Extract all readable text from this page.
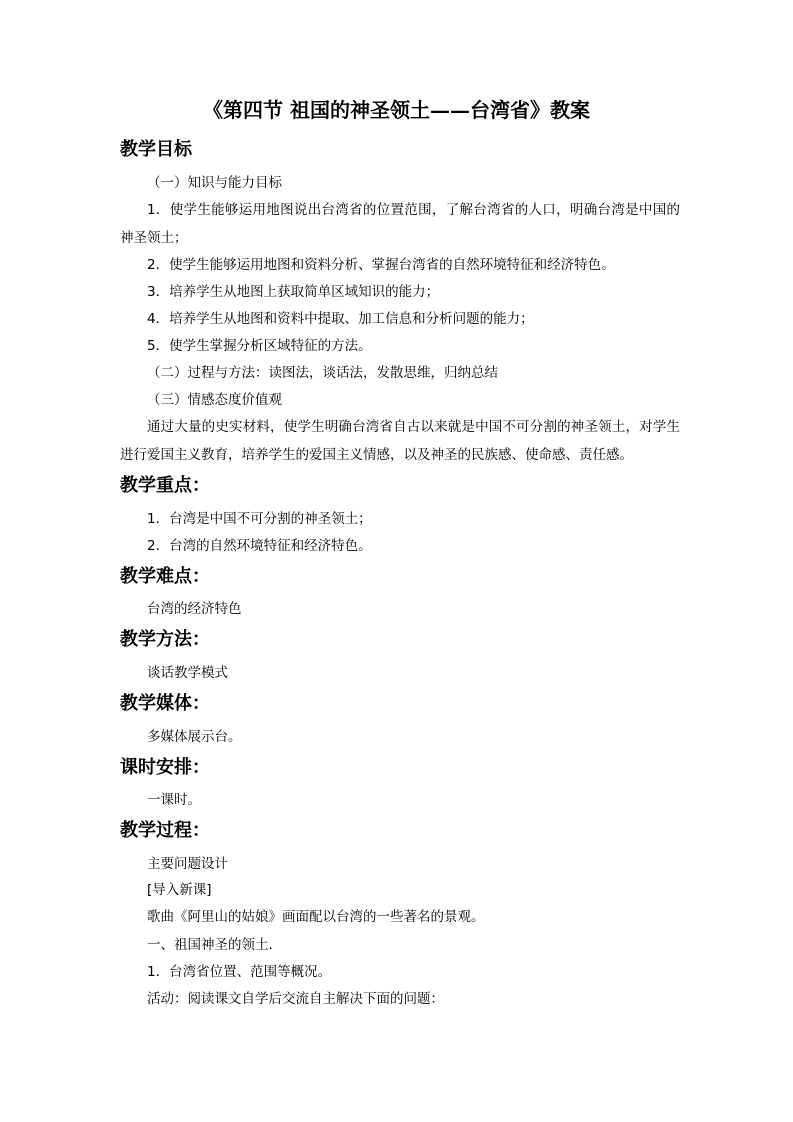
《第四节 祖国的神圣领土——台湾省》教案
教学目标
（一）知识与能力目标
1．使学生能够运用地图说出台湾省的位置范围，了解台湾省的人口，明确台湾是中国的神圣领土；
2．使学生能够运用地图和资料分析、掌握台湾省的自然环境特征和经济特色。
3．培养学生从地图上获取简单区域知识的能力；
4．培养学生从地图和资料中提取、加工信息和分析问题的能力；
5．使学生掌握分析区域特征的方法。
（二）过程与方法：读图法，谈话法，发散思维，归纳总结
（三）情感态度价值观
通过大量的史实材料，使学生明确台湾省自古以来就是中国不可分割的神圣领土，对学生进行爱国主义教育，培养学生的爱国主义情感，以及神圣的民族感、使命感、责任感。
教学重点：
1．台湾是中国不可分割的神圣领土；
2．台湾的自然环境特征和经济特色。
教学难点：
台湾的经济特色
教学方法：
谈话教学模式
教学媒体：
多媒体展示台。
课时安排：
一课时。
教学过程：
主要问题设计
[导入新课]
歌曲《阿里山的姑娘》画面配以台湾的一些著名的景观。
一、祖国神圣的领土.
1．台湾省位置、范围等概况。
活动：阅读课文自学后交流自主解决下面的问题：
